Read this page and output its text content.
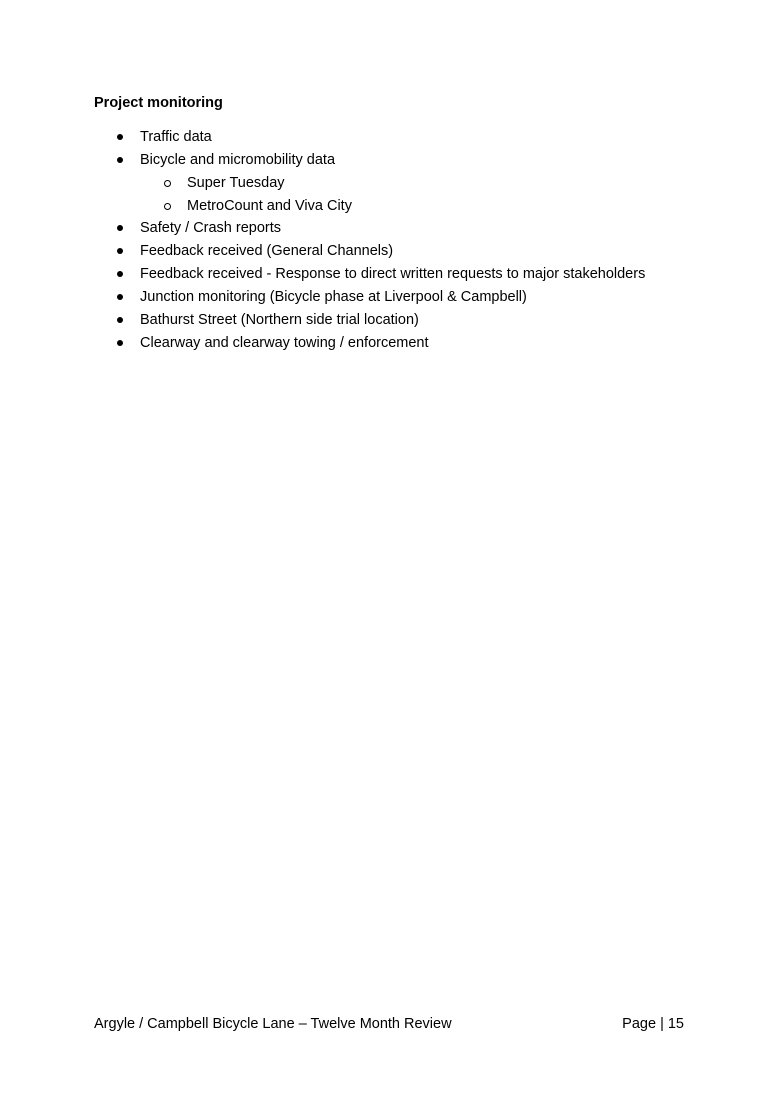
Project monitoring
Traffic data
Bicycle and micromobility data
Super Tuesday
MetroCount and Viva City
Safety / Crash reports
Feedback received (General Channels)
Feedback received - Response to direct written requests to major stakeholders
Junction monitoring (Bicycle phase at Liverpool & Campbell)
Bathurst Street (Northern side trial location)
Clearway and clearway towing / enforcement
Argyle / Campbell Bicycle Lane – Twelve Month Review	Page | 15
